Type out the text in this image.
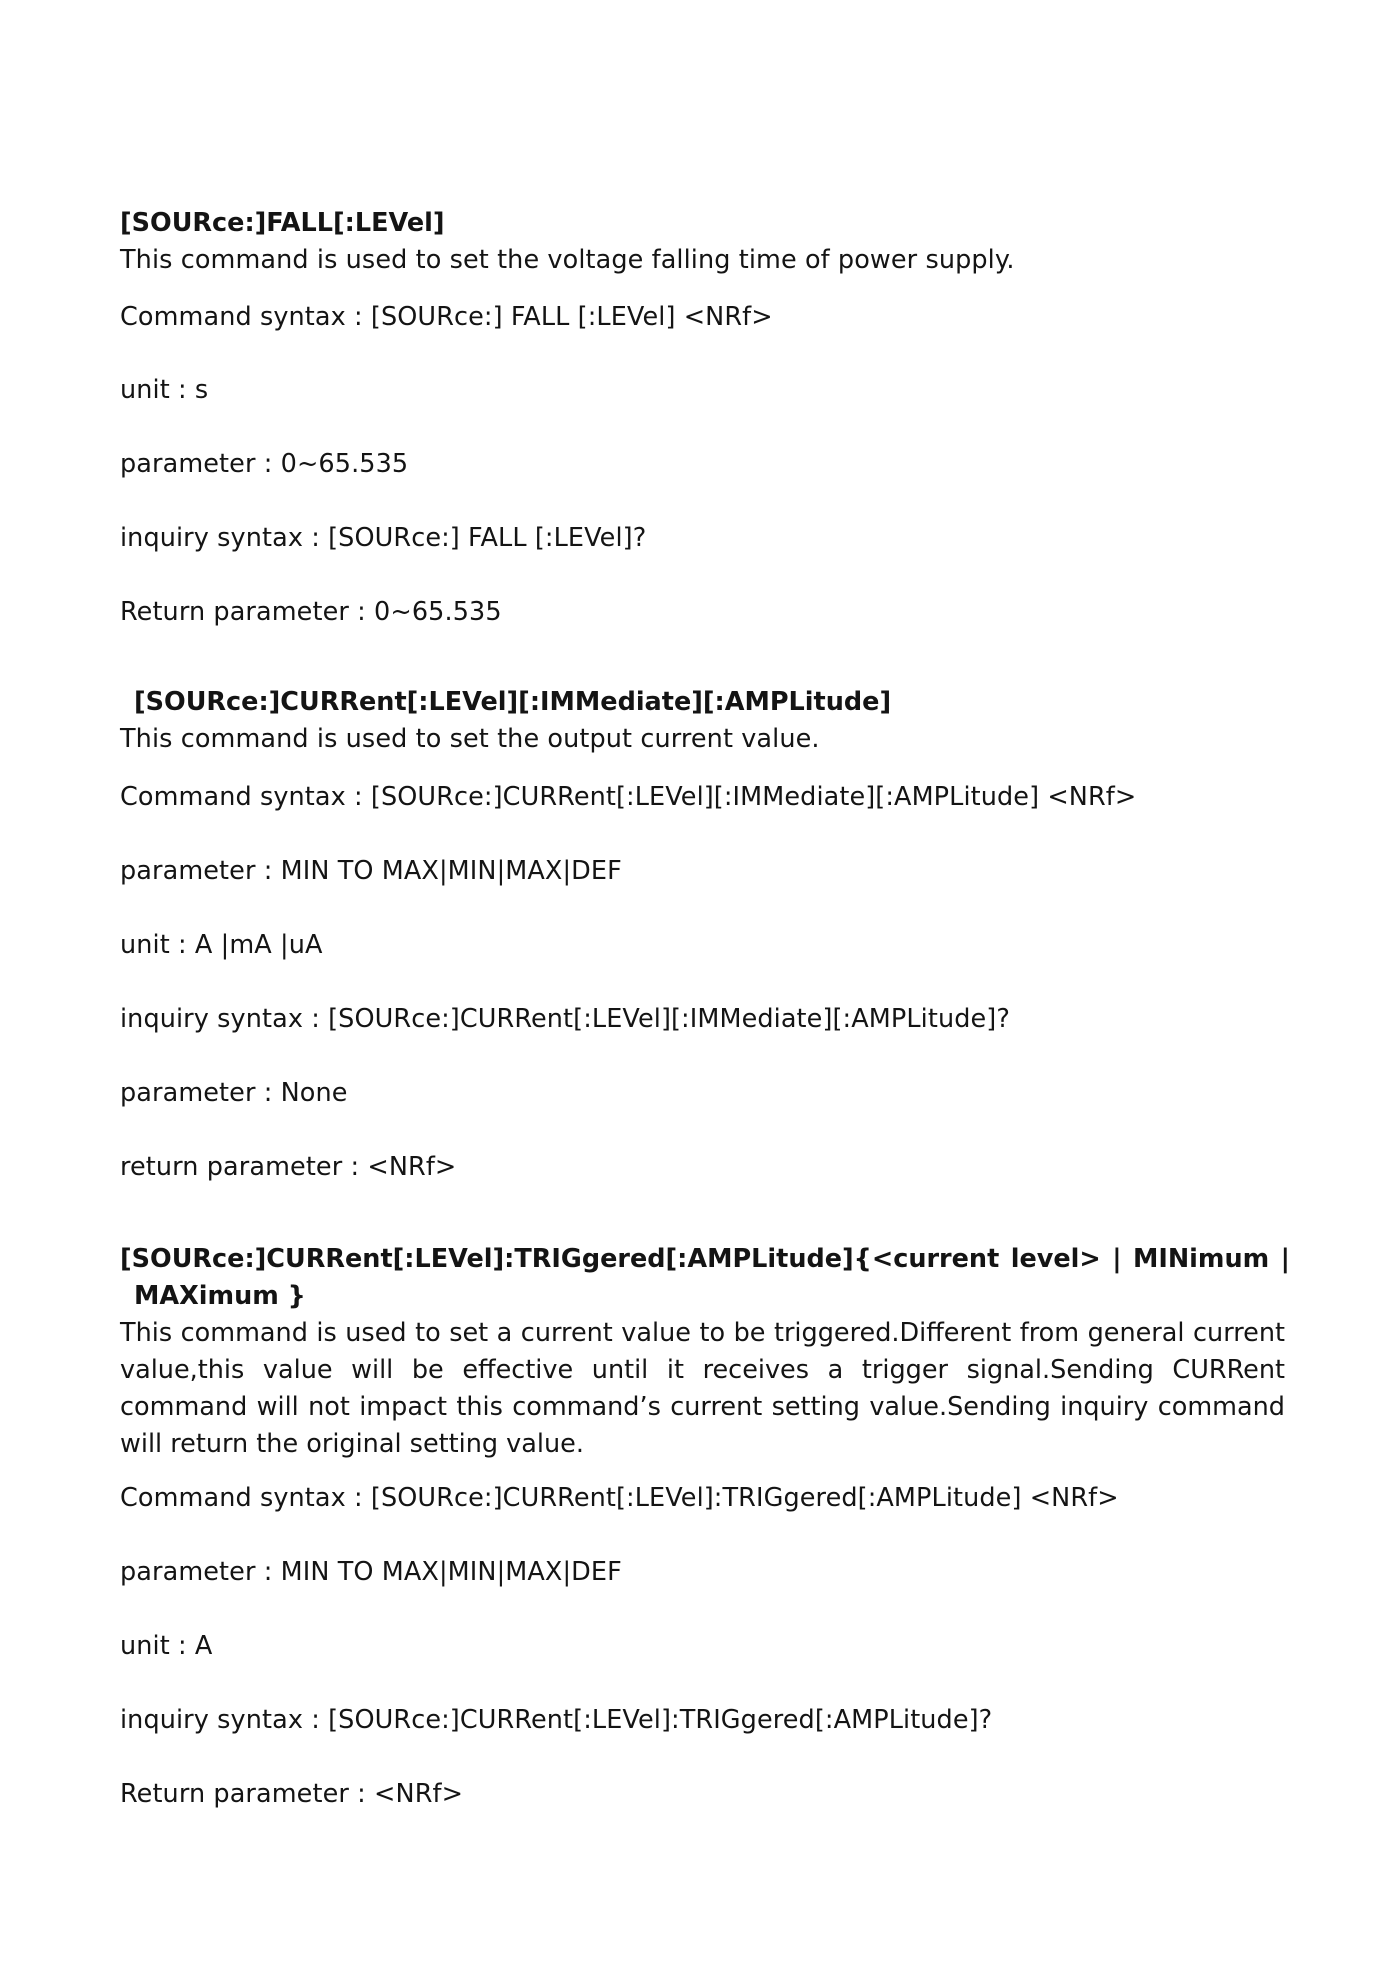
[SOURce:]FALL[:LEVel]
This command is used to set the voltage falling time of power supply.
Command syntax : [SOURce:] FALL [:LEVel] <NRf>
unit : s
parameter : 0~65.535
inquiry syntax : [SOURce:] FALL [:LEVel]?
Return parameter : 0~65.535
[SOURce:]CURRent[:LEVel][:IMMediate][:AMPLitude]
This command is used to set the output current value.
Command syntax : [SOURce:]CURRent[:LEVel][:IMMediate][:AMPLitude] <NRf>
parameter : MIN TO MAX|MIN|MAX|DEF
unit : A |mA |uA
inquiry syntax : [SOURce:]CURRent[:LEVel][:IMMediate][:AMPLitude]?
parameter : None
return parameter : <NRf>
[SOURce:]CURRent[:LEVel]:TRIGgered[:AMPLitude]{<current level> | MINimum |
MAXimum }
This command is used to set a current value to be triggered.Different from general current value,this value will be effective until it receives a trigger signal.Sending CURRent command will not impact this command’s current setting value.Sending inquiry command will return the original setting value.
Command syntax : [SOURce:]CURRent[:LEVel]:TRIGgered[:AMPLitude] <NRf>
parameter : MIN TO MAX|MIN|MAX|DEF
unit : A
inquiry syntax : [SOURce:]CURRent[:LEVel]:TRIGgered[:AMPLitude]?
Return parameter : <NRf>
